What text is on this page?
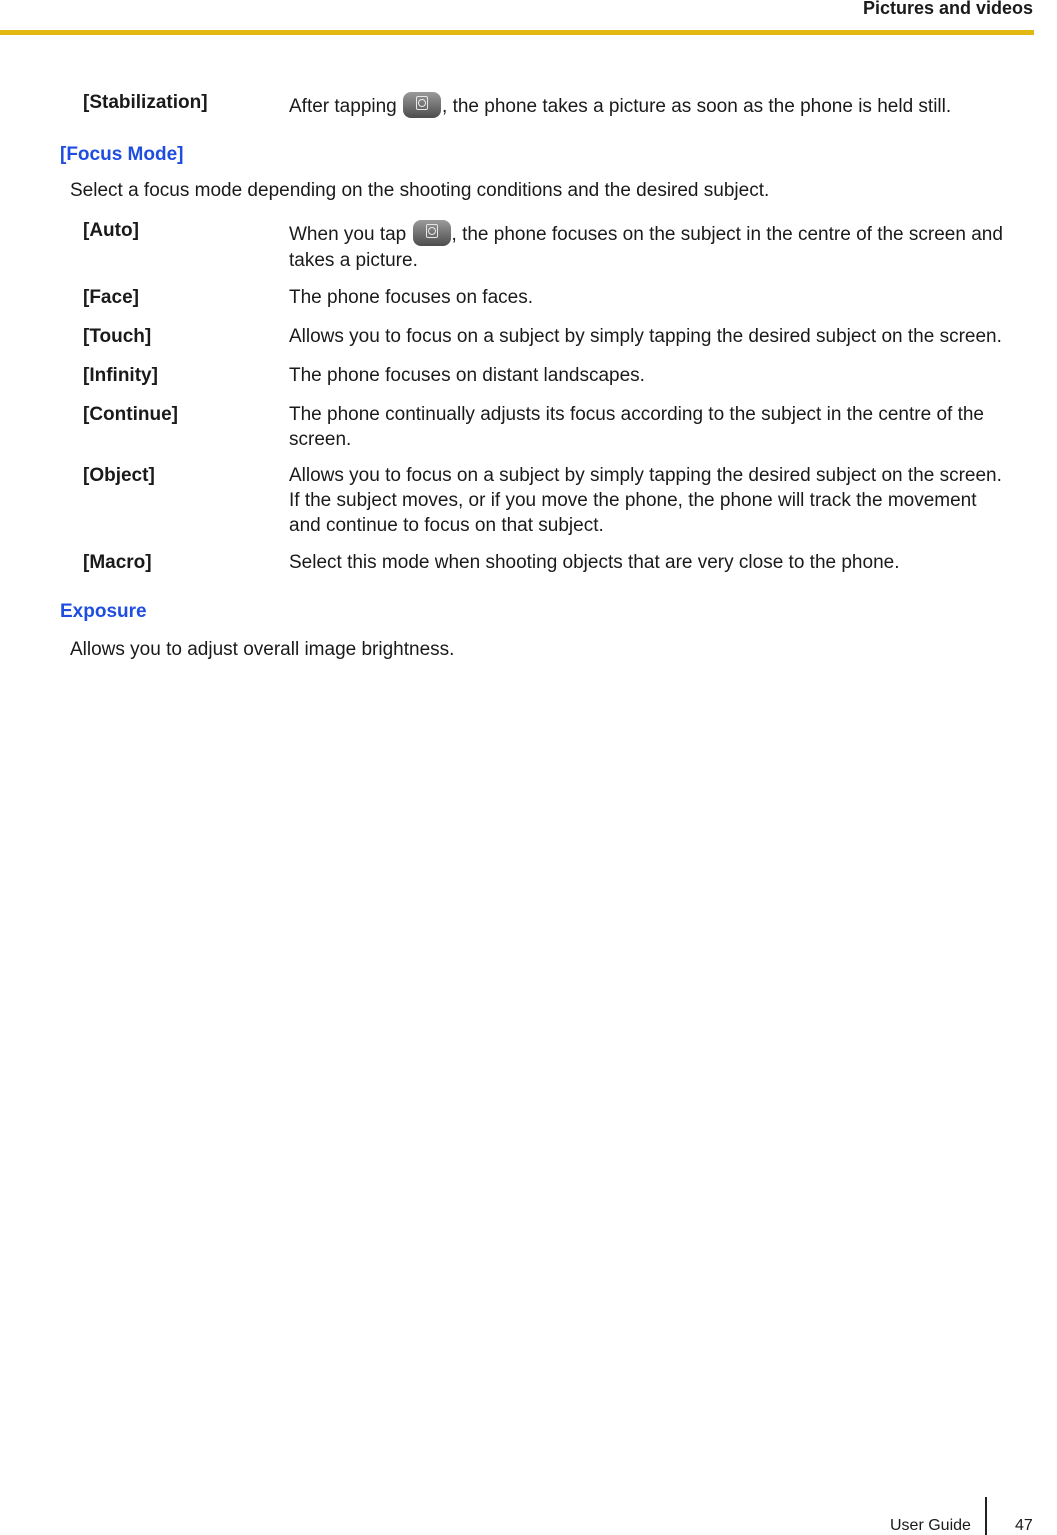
Pictures and videos
[Stabilization]	After tapping , the phone takes a picture as soon as the phone is held still.
[Focus Mode]
Select a focus mode depending on the shooting conditions and the desired subject.
[Auto]	When you tap , the phone focuses on the subject in the centre of the screen and
takes a picture.
[Face]	The phone focuses on faces.
[Touch]	Allows you to focus on a subject by simply tapping the desired subject on the screen.
[Infinity]	The phone focuses on distant landscapes.
[Continue]	The phone continually adjusts its focus according to the subject in the centre of the
screen.
[Object]	Allows you to focus on a subject by simply tapping the desired subject on the screen.
If the subject moves, or if you move the phone, the phone will track the movement
and continue to focus on that subject.
[Macro]	Select this mode when shooting objects that are very close to the phone.
Exposure
Allows you to adjust overall image brightness.
User Guide	47
